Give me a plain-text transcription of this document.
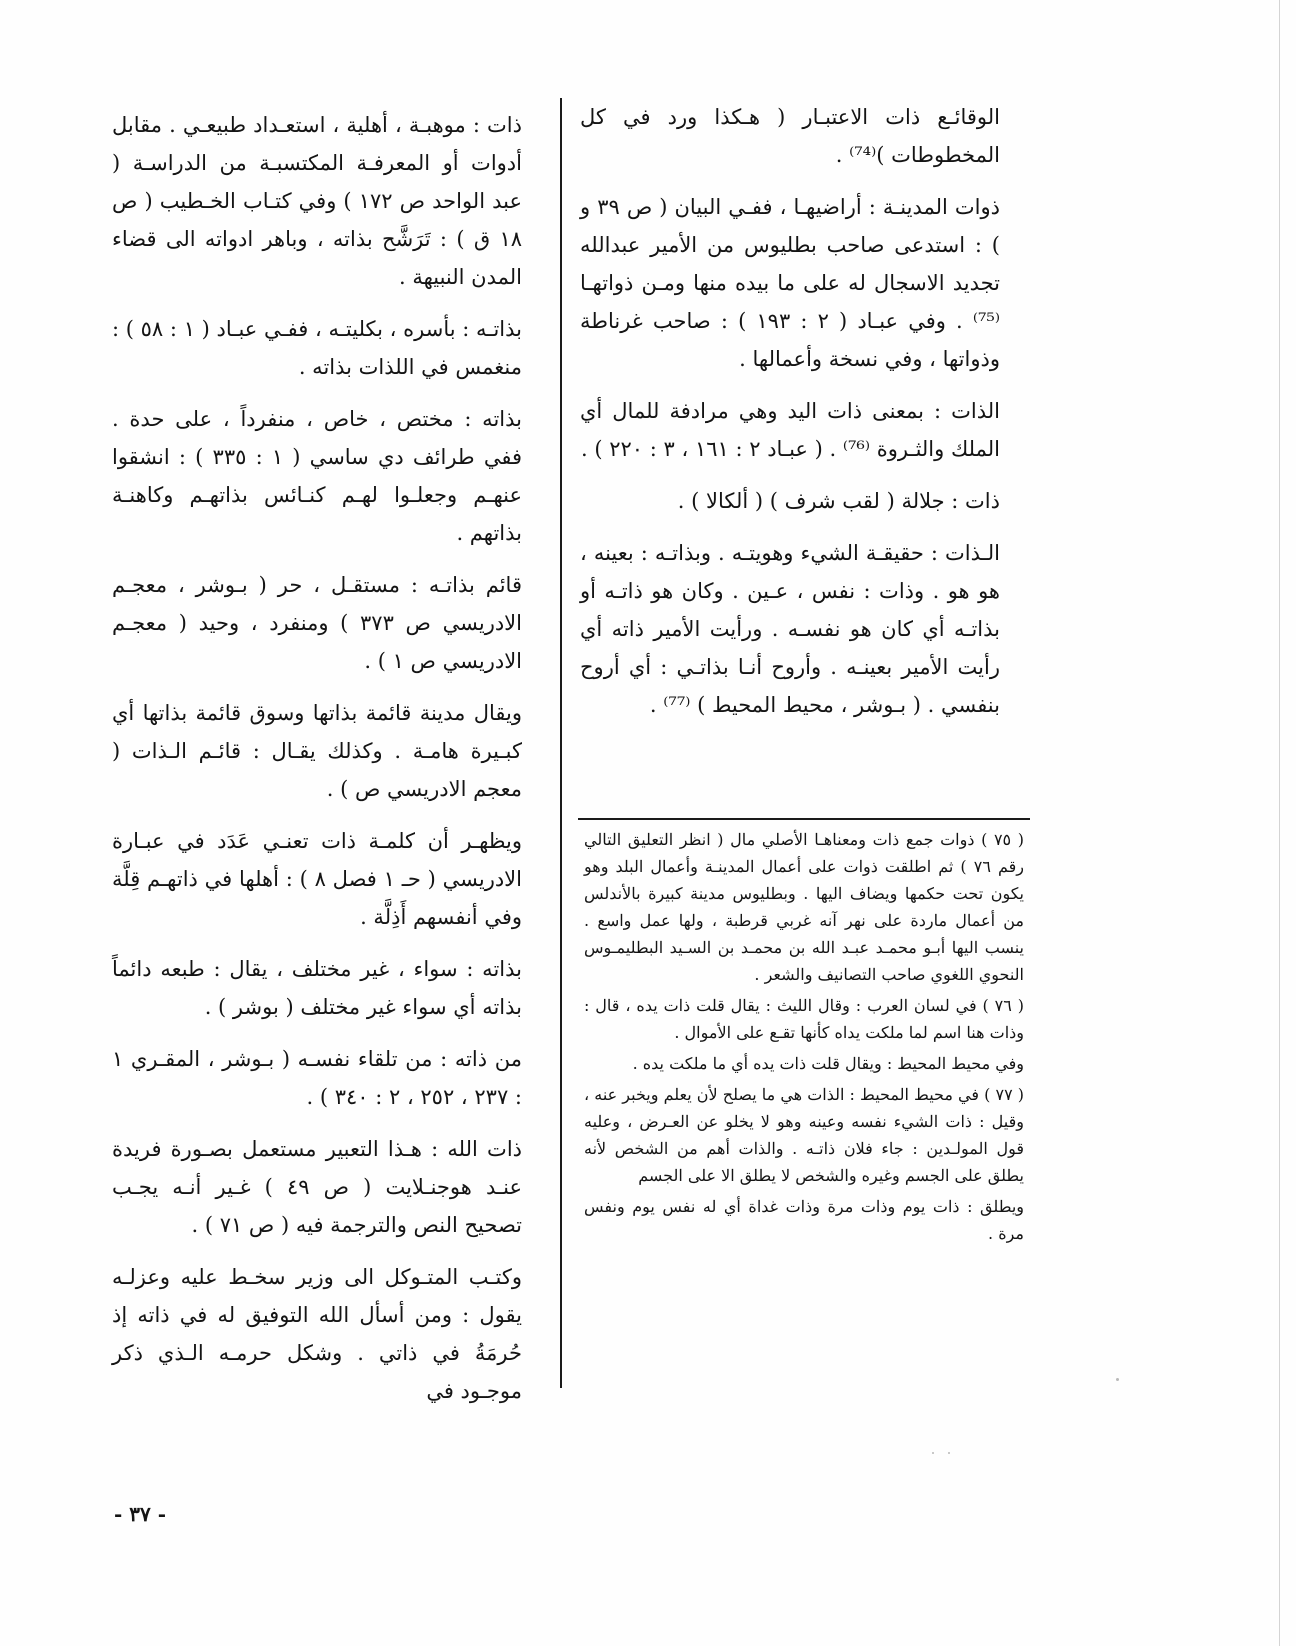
الوقائـع ذات الاعتبـار ( هـكذا ورد في كل المخطوطات )⁽⁷⁴⁾ .

ذوات المدينـة : أراضيهـا ، ففـي البيان ( ص ٣٩ و ) : استدعى صاحب بطليوس من الأمير عبدالله تجديد الاسجال له على ما بيده منها ومـن ذواتهـا ⁽⁷⁵⁾ . وفي عبـاد ( ٢ : ١٩٣ ) : صاحب غرناطة وذواتها ، وفي نسخة وأعمالها .

الذات : بمعنى ذات اليد وهي مرادفة للمال أي الملك والثـروة ⁽⁷⁶⁾ . ( عبـاد ٢ : ١٦١ ، ٣ : ٢٢٠ ) .

ذات : جلالة ( لقب شرف ) ( ألكالا ) .

الـذات : حقيقـة الشيء وهويتـه . وبذاتـه : بعينه ، هو هو . وذات : نفس ، عـين . وكان هو ذاتـه أو بذاتـه أي كان هو نفسـه . ورأيت الأمير ذاته أي رأيت الأمير بعينـه . وأروح أنـا بذاتـي : أي أروح بنفسي . ( بـوشر ، محيط المحيط ) ⁽⁷⁷⁾ .

( ٧٥ ) ذوات جمع ذات ومعناهـا الأصلي مال ( انظر التعليق التالي رقم ٧٦ ) ثم اطلقت ذوات على أعمال المدينـة وأعمال البلد وهو يكون تحت حكمها ويضاف اليها . وبطليوس مدينة كبيرة بالأندلس من أعمال ماردة على نهر آنه غربي قرطبة ، ولها عمل واسع . ينسب اليها أبـو محمـد عبـد الله بن محمـد بن السـيد البطليمـوس النحوي اللغوي صاحب التصانيف والشعر .

( ٧٦ ) في لسان العرب : وقال الليث : يقال قلت ذات يده ، قال : وذات هنا اسم لما ملكت يداه كأنها تقـع على الأموال .

وفي محيط المحيط : ويقال قلت ذات يده أي ما ملكت يده .

( ٧٧ ) في محيط المحيط : الذات هي ما يصلح لأن يعلم ويخبر عنه ، وقيل : ذات الشيء نفسه وعينه وهو لا يخلو عن العـرض ، وعليه قول المولـدين : جاء فلان ذاتـه . والذات أهم من الشخص لأنه يطلق على الجسم وغيره والشخص لا يطلق الا على الجسم

ويطلق : ذات يوم وذات مرة وذات غداة أي له نفس يوم ونفس مرة .

ذات : موهبـة ، أهلية ، استعـداد طبيعـي . مقابل أدوات أو المعرفـة المكتسبـة من الدراسـة ( عبد الواحد ص ١٧٢ ) وفي كتـاب الخـطيب ( ص ١٨ ق ) : تَرَشَّح بذاته ، وباهر ادواته الى قضاء المدن النبيهة .

بذاتـه : بأسره ، بكليتـه ، ففـي عبـاد ( ١ : ٥٨ ) : منغمس في اللذات بذاته .

بذاته : مختص ، خاص ، منفرداً ، على حدة . ففي طرائف دي ساسي ( ١ : ٣٣٥ ) : انشقوا عنهـم وجعلـوا لهـم كنـائس بذاتهـم وكاهنـة بذاتهم .

قائم بذاتـه : مستقـل ، حر ( بـوشر ، معجـم الادريسي ص ٣٧٣ ) ومنفرد ، وحيد ( معجـم الادريسي ص ١ ) .

ويقال مدينة قائمة بذاتها وسوق قائمة بذاتها أي كبـيرة هامـة . وكذلك يقـال : قائـم الـذات ( معجم الادريسي ص ) .

ويظهـر أن كلمـة ذات تعنـي عَدَد في عبـارة الادريسي ( حـ ١ فصل ٨ ) : أهلها في ذاتهـم قِلَّة وفي أنفسهم أَذِلَّة .

بذاته : سواء ، غير مختلف ، يقال : طبعه دائماً بذاته أي سواء غير مختلف ( بوشر ) .

من ذاته : من تلقاء نفسـه ( بـوشر ، المقـري ١ : ٢٣٧ ، ٢٥٢ ، ٢ : ٣٤٠ ) .

ذات الله : هـذا التعبير مستعمل بصـورة فريدة عنـد هوجنـلايت ( ص ٤٩ ) غـير أنـه يجـب تصحيح النص والترجمة فيه ( ص ٧١ ) .

وكتـب المتـوكل الى وزير سخـط عليه وعزلـه يقول : ومن أسأل الله التوفيق له في ذاته إذ حُرمَةُ في ذاتي . وشكل حرمـه الـذي ذكر موجـود في

- ٣٧ -
